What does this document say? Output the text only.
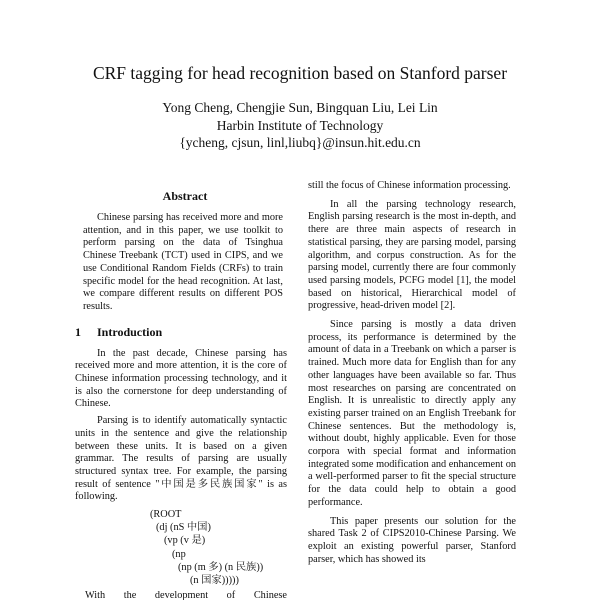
CRF tagging for head recognition based on Stanford parser
Yong Cheng, Chengjie Sun, Bingquan Liu, Lei Lin
Harbin Institute of Technology
{ycheng, cjsun, linl,liubq}@insun.hit.edu.cn
Abstract

Chinese parsing has received more and more attention, and in this paper, we use toolkit to perform parsing on the data of Tsinghua Chinese Treebank (TCT) used in CIPS, and we use Conditional Random Fields (CRFs) to train specific model for the head recognition. At last, we compare different results on different POS results.

1 Introduction

In the past decade, Chinese parsing has received more and more attention, it is the core of Chinese information processing technology, and it is also the cornerstone for deep understanding of Chinese.

Parsing is to identify automatically syntactic units in the sentence and give the relationship between these units. It is based on a given grammar. The results of parsing are usually structured syntax tree. For example, the parsing result of sentence "中国是多民族国家" is as following.

(ROOT
(dj (nS 中国)
(vp (v 是)
(np
(np (m 多) (n 民族))
(n 国家)))))
With the development of Chinese

still the focus of Chinese information processing.

In all the parsing technology research, English parsing research is the most in-depth, and there are three main aspects of research in statistical parsing, they are parsing model, parsing algorithm, and corpus construction. As for the parsing model, currently there are four commonly used parsing models, PCFG model [1], the model based on historical, Hierarchical model of progressive, head-driven model [2].

Since parsing is mostly a data driven process, its performance is determined by the amount of data in a Treebank on which a parser is trained. Much more data for English than for any other languages have been available so far. Thus most researches on parsing are concentrated on English. It is unrealistic to directly apply any existing parser trained on an English Treebank for Chinese sentences. But the methodology is, without doubt, highly applicable. Even for those corpora with special format and information integrated some modification and enhancement on a well-performed parser to fit the special structure for the data could help to obtain a good performance.

This paper presents our solution for the shared Task 2 of CIPS2010-Chinese Parsing. We exploit an existing powerful parser, Stanford parser, which has showed its
